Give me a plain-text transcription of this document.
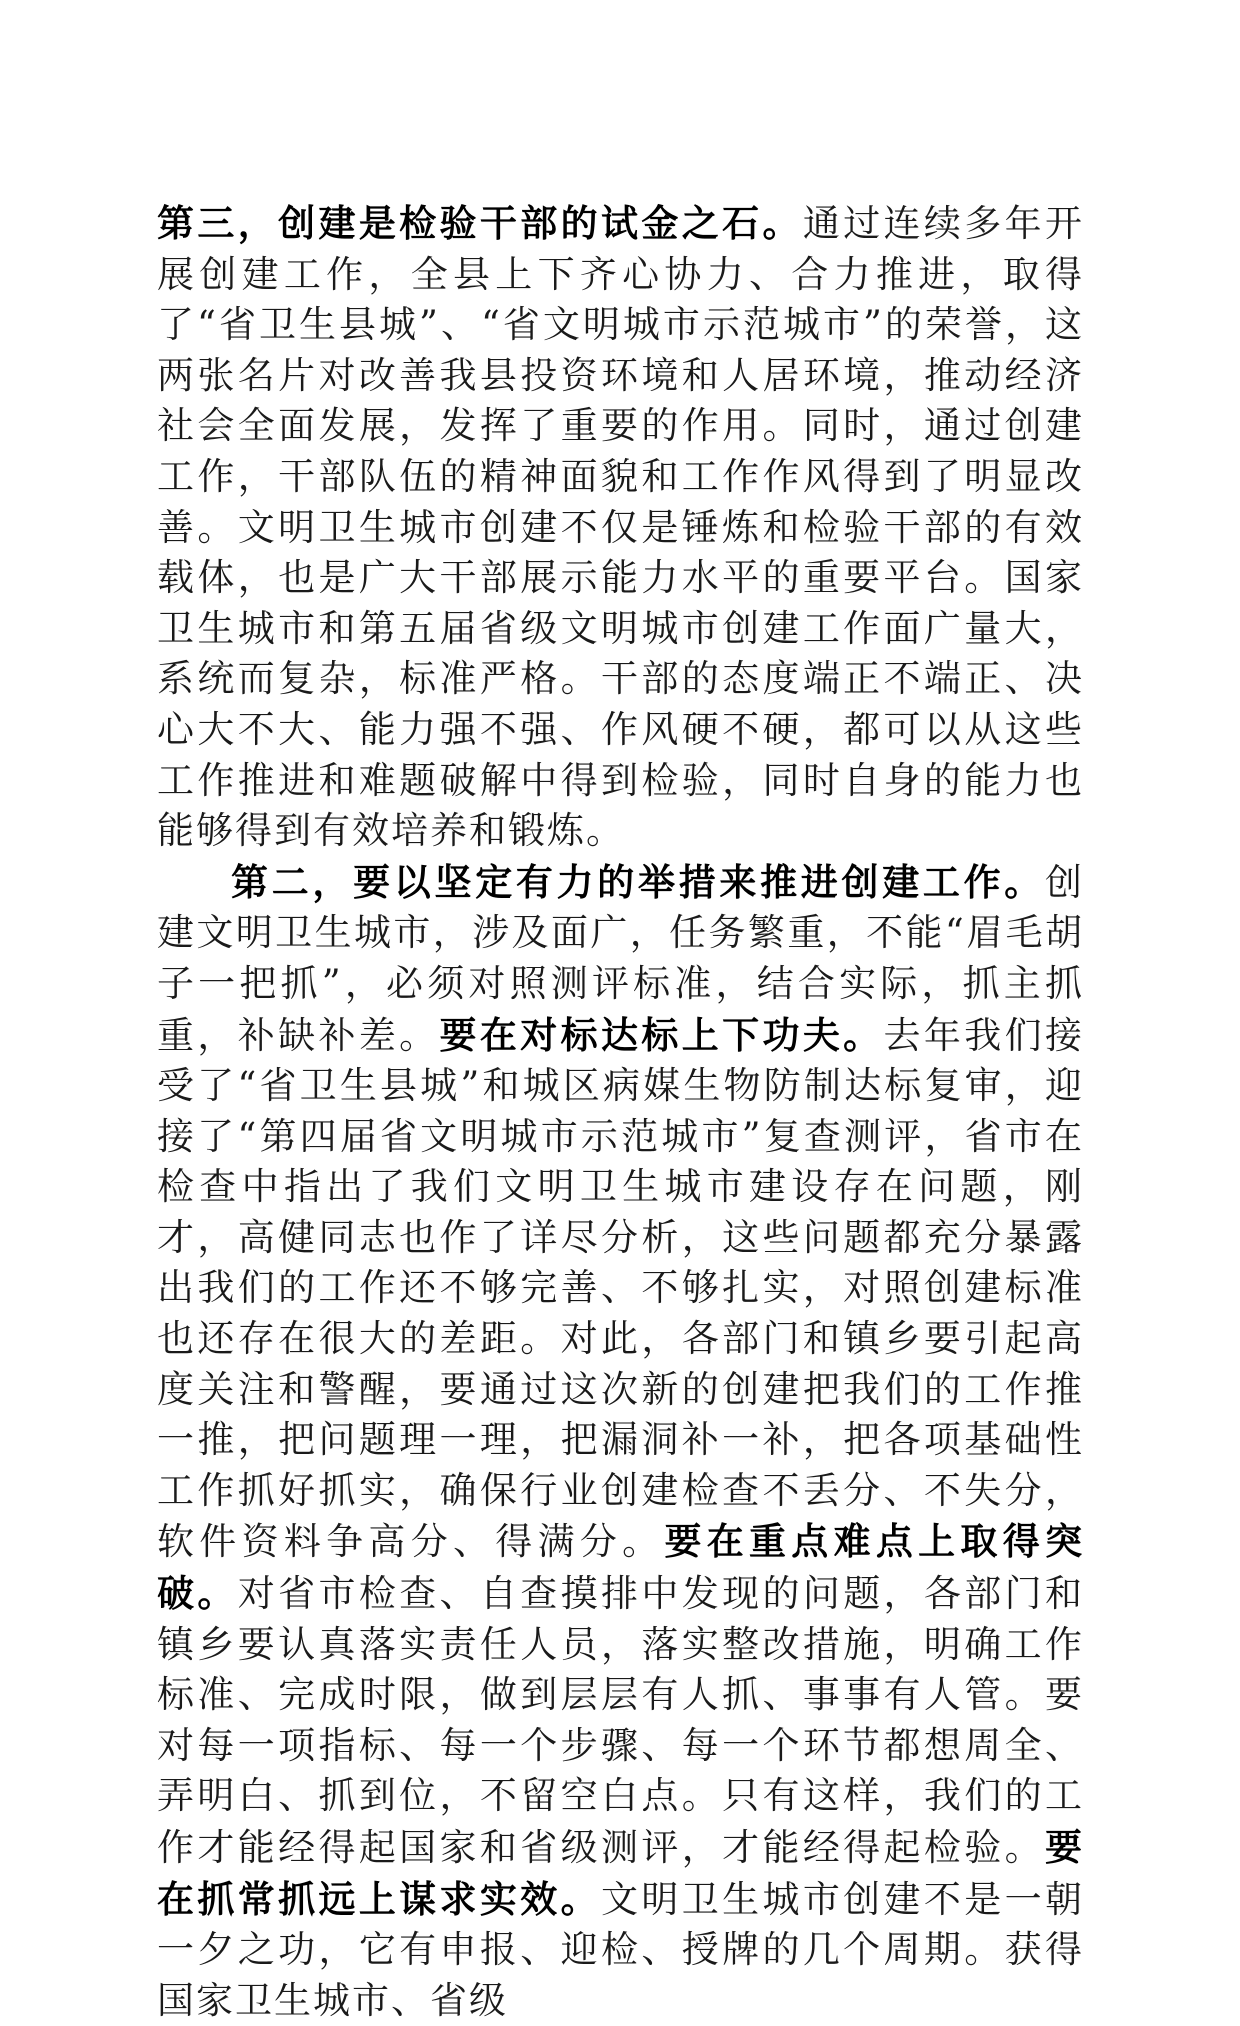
第三，创建是检验干部的试金之石。通过连续多年开展创建工作，全县上下齐心协力、合力推进，取得了“省卫生县城”、“省文明城市示范城市”的荣誉，这两张名片对改善我县投资环境和人居环境，推动经济社会全面发展，发挥了重要的作用。同时，通过创建工作，干部队伍的精神面貌和工作作风得到了明显改善。文明卫生城市创建不仅是锤炼和检验干部的有效载体，也是广大干部展示能力水平的重要平台。国家卫生城市和第五届省级文明城市创建工作面广量大，系统而复杂，标准严格。干部的态度端正不端正、决心大不大、能力强不强、作风硬不硬，都可以从这些工作推进和难题破解中得到检验，同时自身的能力也能够得到有效培养和锻炼。

第二，要以坚定有力的举措来推进创建工作。创建文明卫生城市，涉及面广，任务繁重，不能“眉毛胡子一把抓”，必须对照测评标准，结合实际，抓主抓重，补缺补差。要在对标达标上下功夫。去年我们接受了“省卫生县城”和城区病媒生物防制达标复审，迎接了“第四届省文明城市示范城市”复查测评，省市在检查中指出了我们文明卫生城市建设存在问题，刚才，高健同志也作了详尽分析，这些问题都充分暴露出我们的工作还不够完善、不够扎实，对照创建标准也还存在很大的差距。对此，各部门和镇乡要引起高度关注和警醒，要通过这次新的创建把我们的工作推一推，把问题理一理，把漏洞补一补，把各项基础性工作抓好抓实，确保行业创建检查不丢分、不失分，软件资料争高分、得满分。要在重点难点上取得突破。对省市检查、自查摸排中发现的问题，各部门和镇乡要认真落实责任人员，落实整改措施，明确工作标准、完成时限，做到层层有人抓、事事有人管。要对每一项指标、每一个步骤、每一个环节都想周全、弄明白、抓到位，不留空白点。只有这样，我们的工作才能经得起国家和省级测评，才能经得起检验。要在抓常抓远上谋求实效。文明卫生城市创建不是一朝一夕之功，它有申报、迎检、授牌的几个周期。获得国家卫生城市、省级
